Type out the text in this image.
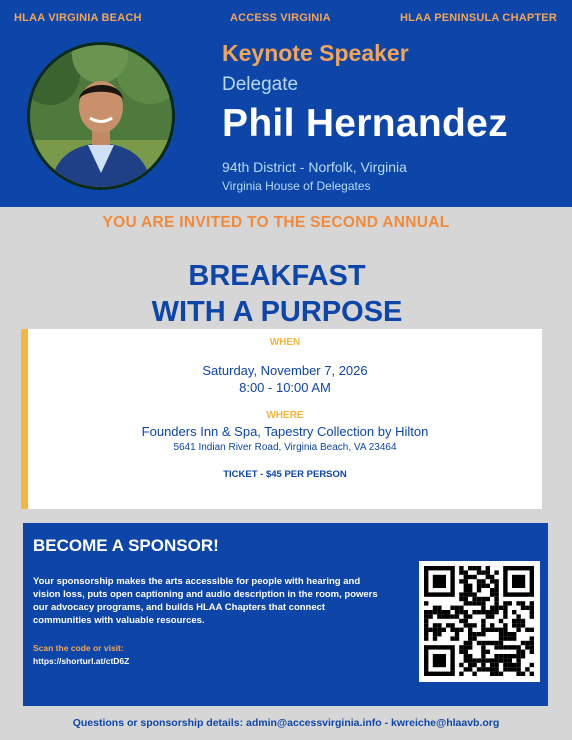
HLAA VIRGINIA BEACH	ACCESS VIRGINIA	HLAA PENINSULA CHAPTER
Keynote Speaker
Delegate
Phil Hernandez
94th District - Norfolk, Virginia
Virginia House of Delegates
YOU ARE INVITED TO THE SECOND ANNUAL
BREAKFAST
WITH A PURPOSE
WHEN
Saturday, November 7, 2026
8:00 - 10:00 AM
WHERE
Founders Inn & Spa, Tapestry Collection by Hilton
5641 Indian River Road, Virginia Beach, VA 23464
TICKET - $45 PER PERSON
BECOME A SPONSOR!
Your sponsorship makes the arts accessible for people with hearing and vision loss, puts open captioning and audio description in the room, powers our advocacy programs, and builds HLAA Chapters that connect communities with valuable resources.
Scan the code or visit:
https://shorturl.at/ctD6Z
Questions or sponsorship details: admin@accessvirginia.info - kwreiche@hlaavb.org
